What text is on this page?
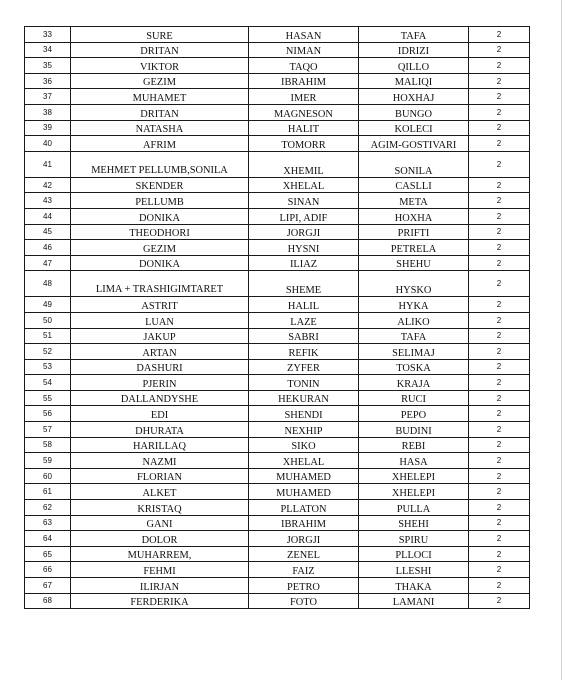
33	SURE	HASAN	TAFA	2
34	DRITAN	NIMAN	IDRIZI	2
35	VIKTOR	TAQO	QILLO	2
36	GEZIM	IBRAHIM	MALIQI	2
37	MUHAMET	IMER	HOXHAJ	2
38	DRITAN	MAGNESON	BUNGO	2
39	NATASHA	HALIT	KOLECI	2
40	AFRIM	TOMORR	AGIM-GOSTIVARI	2
41	MEHMET PELLUMB,SONILA	XHEMIL	SONILA	2
42	SKENDER	XHELAL	CASLLI	2
43	PELLUMB	SINAN	META	2
44	DONIKA	LIPI, ADIF	HOXHA	2
45	THEODHORI	JORGJI	PRIFTI	2
46	GEZIM	HYSNI	PETRELA	2
47	DONIKA	ILIAZ	SHEHU	2
48	LIMA + TRASHIGIMTARET	SHEME	HYSKO	2
49	ASTRIT	HALIL	HYKA	2
50	LUAN	LAZE	ALIKO	2
51	JAKUP	SABRI	TAFA	2
52	ARTAN	REFIK	SELIMAJ	2
53	DASHURI	ZYFER	TOSKA	2
54	PJERIN	TONIN	KRAJA	2
55	DALLANDYSHE	HEKURAN	RUCI	2
56	EDI	SHENDI	PEPO	2
57	DHURATA	NEXHIP	BUDINI	2
58	HARILLAQ	SIKO	REBI	2
59	NAZMI	XHELAL	HASA	2
60	FLORIAN	MUHAMED	XHELEPI	2
61	ALKET	MUHAMED	XHELEPI	2
62	KRISTAQ	PLLATON	PULLA	2
63	GANI	IBRAHIM	SHEHI	2
64	DOLOR	JORGJI	SPIRU	2
65	MUHARREM,	ZENEL	PLLOCI	2
66	FEHMI	FAIZ	LLESHI	2
67	ILIRJAN	PETRO	THAKA	2
68	FERDERIKA	FOTO	LAMANI	2
